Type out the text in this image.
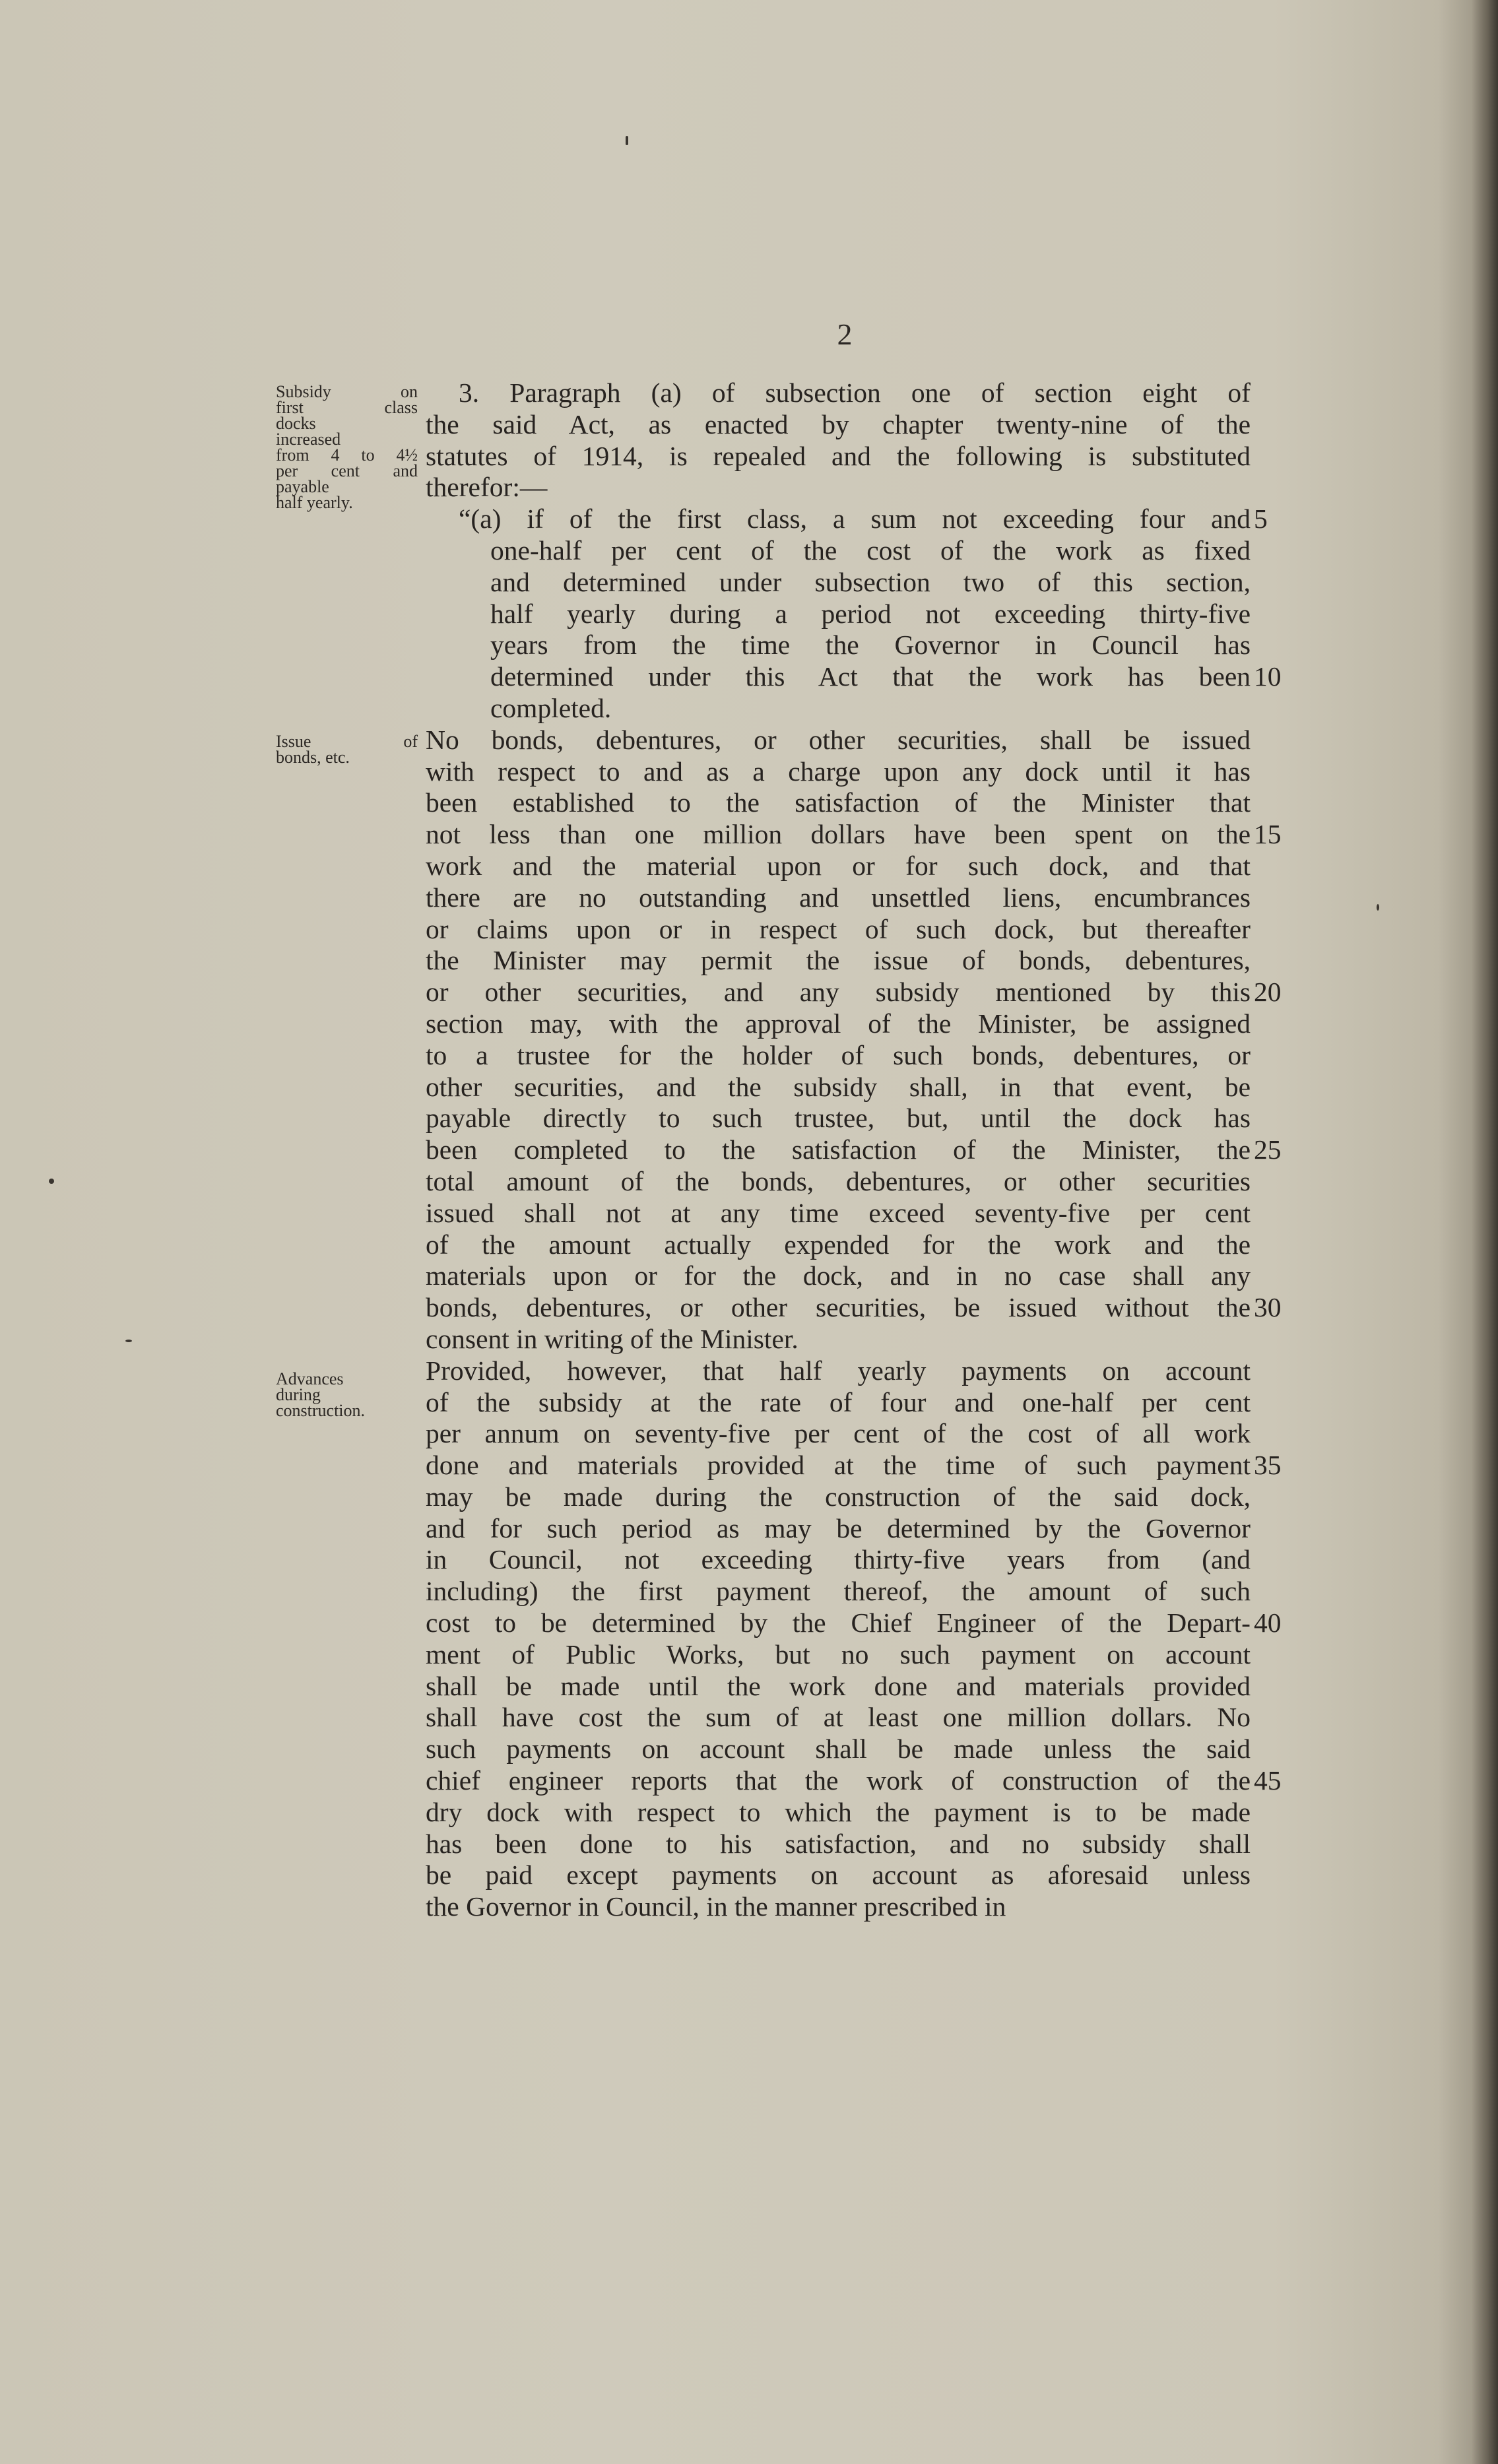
2
Subsidy on
first class
docks
increased
from 4 to 4½
per cent and
payable
half yearly.
Issue of
bonds, etc.
Advances
during
construction.
3. Paragraph (a) of subsection one of section eight of
the said Act, as enacted by chapter twenty-nine of the
statutes of 1914, is repealed and the following is substituted
therefor:—
“(a) if of the first class, a sum not exceeding four and
one-half per cent of the cost of the work as fixed
and determined under subsection two of this section,
half yearly during a period not exceeding thirty-five
years from the time the Governor in Council has
determined under this Act that the work has been
completed.
No bonds, debentures, or other securities, shall be issued
with respect to and as a charge upon any dock until it has
been established to the satisfaction of the Minister that
not less than one million dollars have been spent on the
work and the material upon or for such dock, and that
there are no outstanding and unsettled liens, encumbrances
or claims upon or in respect of such dock, but thereafter
the Minister may permit the issue of bonds, debentures,
or other securities, and any subsidy mentioned by this
section may, with the approval of the Minister, be assigned
to a trustee for the holder of such bonds, debentures, or
other securities, and the subsidy shall, in that event, be
payable directly to such trustee, but, until the dock has
been completed to the satisfaction of the Minister, the
total amount of the bonds, debentures, or other securities
issued shall not at any time exceed seventy-five per cent
of the amount actually expended for the work and the
materials upon or for the dock, and in no case shall any
bonds, debentures, or other securities, be issued without the
consent in writing of the Minister.
Provided, however, that half yearly payments on account
of the subsidy at the rate of four and one-half per cent
per annum on seventy-five per cent of the cost of all work
done and materials provided at the time of such payment
may be made during the construction of the said dock,
and for such period as may be determined by the Governor
in Council, not exceeding thirty-five years from (and
including) the first payment thereof, the amount of such
cost to be determined by the Chief Engineer of the Depart-
ment of Public Works, but no such payment on account
shall be made until the work done and materials provided
shall have cost the sum of at least one million dollars. No
such payments on account shall be made unless the said
chief engineer reports that the work of construction of the
dry dock with respect to which the payment is to be made
has been done to his satisfaction, and no subsidy shall
be paid except payments on account as aforesaid unless
the Governor in Council, in the manner prescribed in
5
10
15
20
25
30
35
40
45
